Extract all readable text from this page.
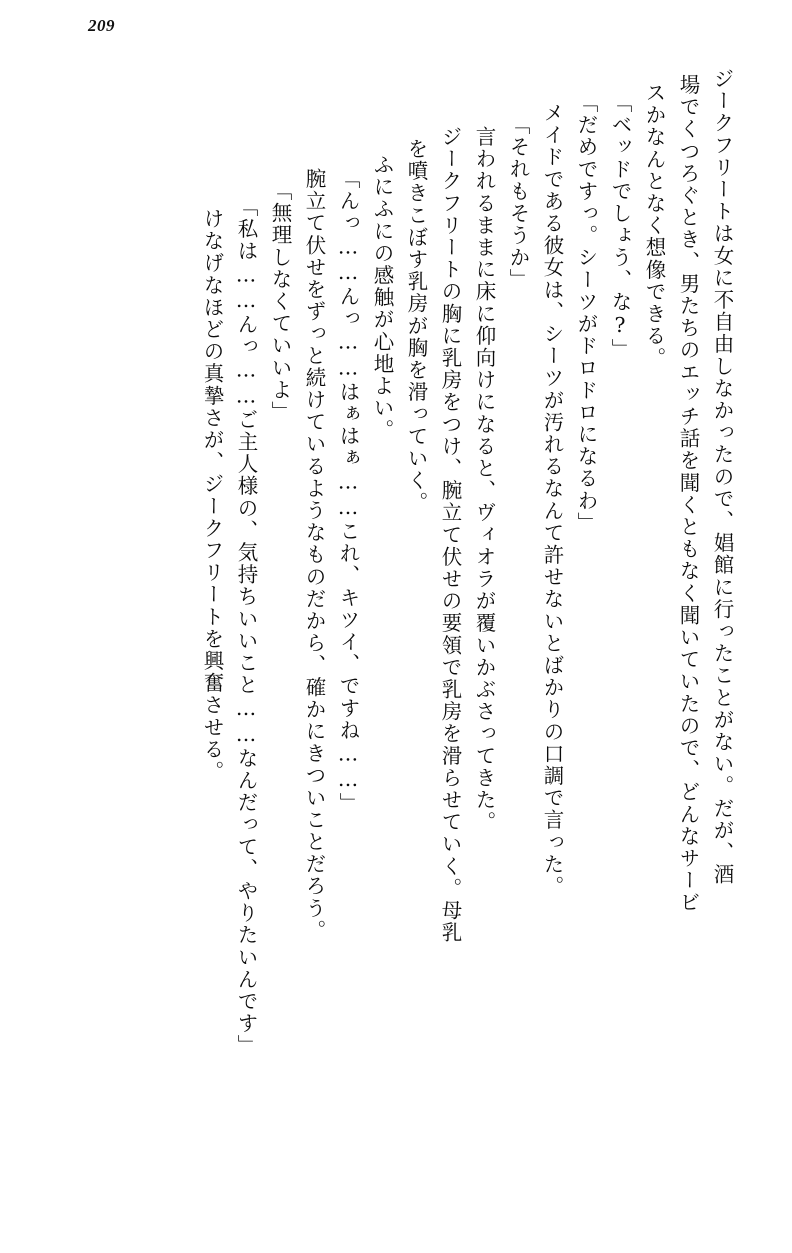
209
ジークフリートは女に不自由しなかったので、娼館に行ったことがない。だが、酒
場でくつろぐとき、男たちのエッチ話を聞くともなく聞いていたので、どんなサービ
スかなんとなく想像できる。
「ベッドでしょう、な?」
「だめですっ。シーツがドロドロになるわ」
メイドである彼女は、シーツが汚れるなんて許せないとばかりの口調で言った。
「それもそうか」
言われるままに床に仰向けになると、ヴィオラが覆いかぶさってきた。
ジークフリートの胸に乳房をつけ、腕立て伏せの要領で乳房を滑らせていく。母乳
を噴きこぼす乳房が胸を滑っていく。
ふにふにの感触が心地よい。
「んっ……んっ……はぁはぁ……これ、キツイ、ですね……」
腕立て伏せをずっと続けているようなものだから、確かにきついことだろう。
「無理しなくていいよ」
「私は……んっ……ご主人様の、気持ちいいこと……なんだって、やりたいんです」
けなげなほどの真摯さが、ジークフリートを興奮させる。
